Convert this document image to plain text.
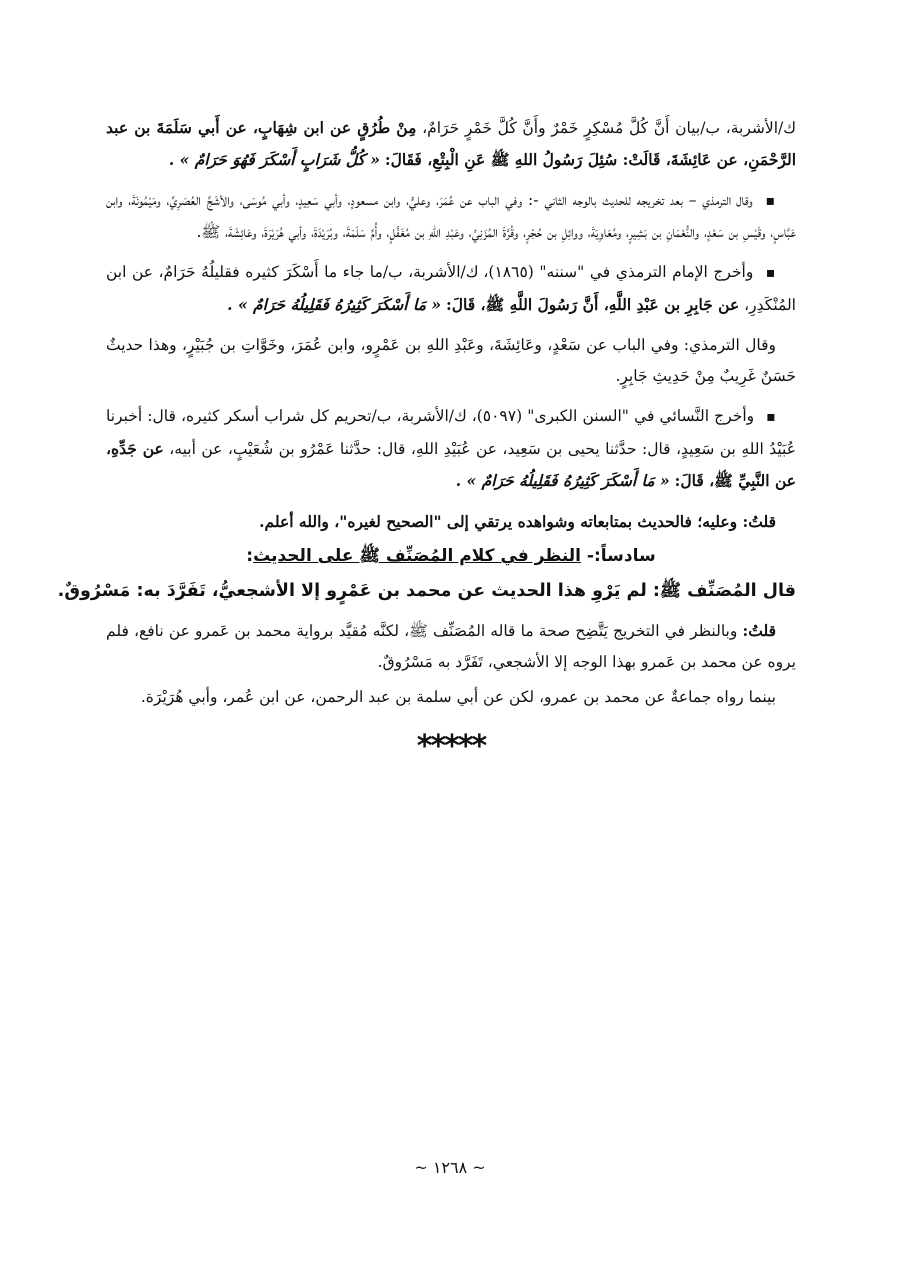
ك/الأشربة، ب/بيان أَنَّ كُلَّ مُسْكِرٍ خَمْرٌ وأَنَّ كُلَّ خَمْرٍ حَرَامٌ، مِنْ طُرُقٍ عن ابن شِهَابٍ، عن أَبي سَلَمَةَ بن عبد الرَّحْمَنِ، عن عَائِشَةَ، قَالَتْ: سُئِلَ رَسُولُ اللهِ ﷺ عَنِ الْبِتْعِ، فَقَالَ: « كُلُّ شَرَابٍ أَسْكَرَ فَهُوَ حَرَامٌ » .

▪ وقال الترمذي – بعد تخريجه للحديث بالوجه الثاني -: وفي الباب عن عُمَرَ، وعليٍّ، وابن مسعودٍ، وأبي سَعِيدٍ، وأبي مُوسَى، والأشَجِّ العُصَرِيِّ، ومَيْمُونَةَ، وابن عَبَّاسٍ، وقَيْسِ بن سَعْدٍ، والنُّعْمَانِ بن بَشِيرٍ، ومُعَاوِيَةَ، ووائِلِ بن حُجْرٍ، وقُرَّةَ المُزَنِيِّ، وعَبْدِ اللهِ بن مُغَفَّلٍ، وأُمِّ سَلَمَةَ، وبُرَيْدَةَ، وأبي هُرَيْرَةَ، وعَائِشَةَ، ﷺ.

▪ وأخرج الإمام الترمذي في "سننه" (١٨٦٥)، ك/الأشربة، ب/ما جاء ما أَسْكَرَ كثيره فقليلُهُ حَرَامٌ، عن ابن المُنْكَدِرِ، عن جَابِرِ بن عَبْدِ اللَّهِ، أَنَّ رَسُولَ اللَّهِ ﷺ، قَالَ: « مَا أَسْكَرَ كَثِيرُهُ فَقَلِيلُهُ حَرَامٌ » .

وقال الترمذي: وفي الباب عن سَعْدٍ، وعَائِشَةَ، وعَبْدِ اللهِ بن عَمْرٍو، وابن عُمَرَ، وخَوَّاتِ بن جُبَيْرٍ، وهذا حديثٌ حَسَنٌ غَرِيبٌ مِنْ حَدِيثِ جَابِرٍ.

▪ وأخرج النَّسائي في "السنن الكبرى" (٥٠٩٧)، ك/الأشربة، ب/تحريم كل شراب أسكر كثيره، قال: أخبرنا عُبَيْدُ اللهِ بن سَعِيدٍ، قال: حدَّثنا يحيى بن سَعِيد، عن عُبَيْدِ اللهِ، قال: حدَّثنا عَمْرُو بن شُعَيْبٍ، عن أبيه، عن جَدِّهِ، عن النَّبِيِّ ﷺ، قَالَ: « مَا أَسْكَرَ كَثِيرُهُ فَقَلِيلُهُ حَرَامٌ » .

قلتُ: وعليه؛ فالحديث بمتابعاته وشواهده يرتقي إلى "الصحيح لغيره"، والله أعلم.

سادساً:- النظر في كلام المُصَنِّف ﷺ على الحديث:
قال المُصَنِّف ﷺ: لم يَرْوِ هذا الحديث عن محمد بن عَمْرٍو إلا الأشجعيُّ، تَفَرَّدَ به: مَسْرُوقٌ.

قلتُ: وبالنظر في التخريج يَتَّضِح صحة ما قاله المُصَنِّف ﷺ، لكنَّه مُقيَّد برواية محمد بن عَمرو عن نافع، فلم يروه عن محمد بن عَمرو بهذا الوجه إلا الأشجعي، تَفَرَّد به مَسْرُوقٌ.

بينما رواه جماعةٌ عن محمد بن عمرو، لكن عن أبي سلمة بن عبد الرحمن، عن ابن عُمر، وأبي هُرَيْرَة.

*****
~ ١٢٦٨ ~
